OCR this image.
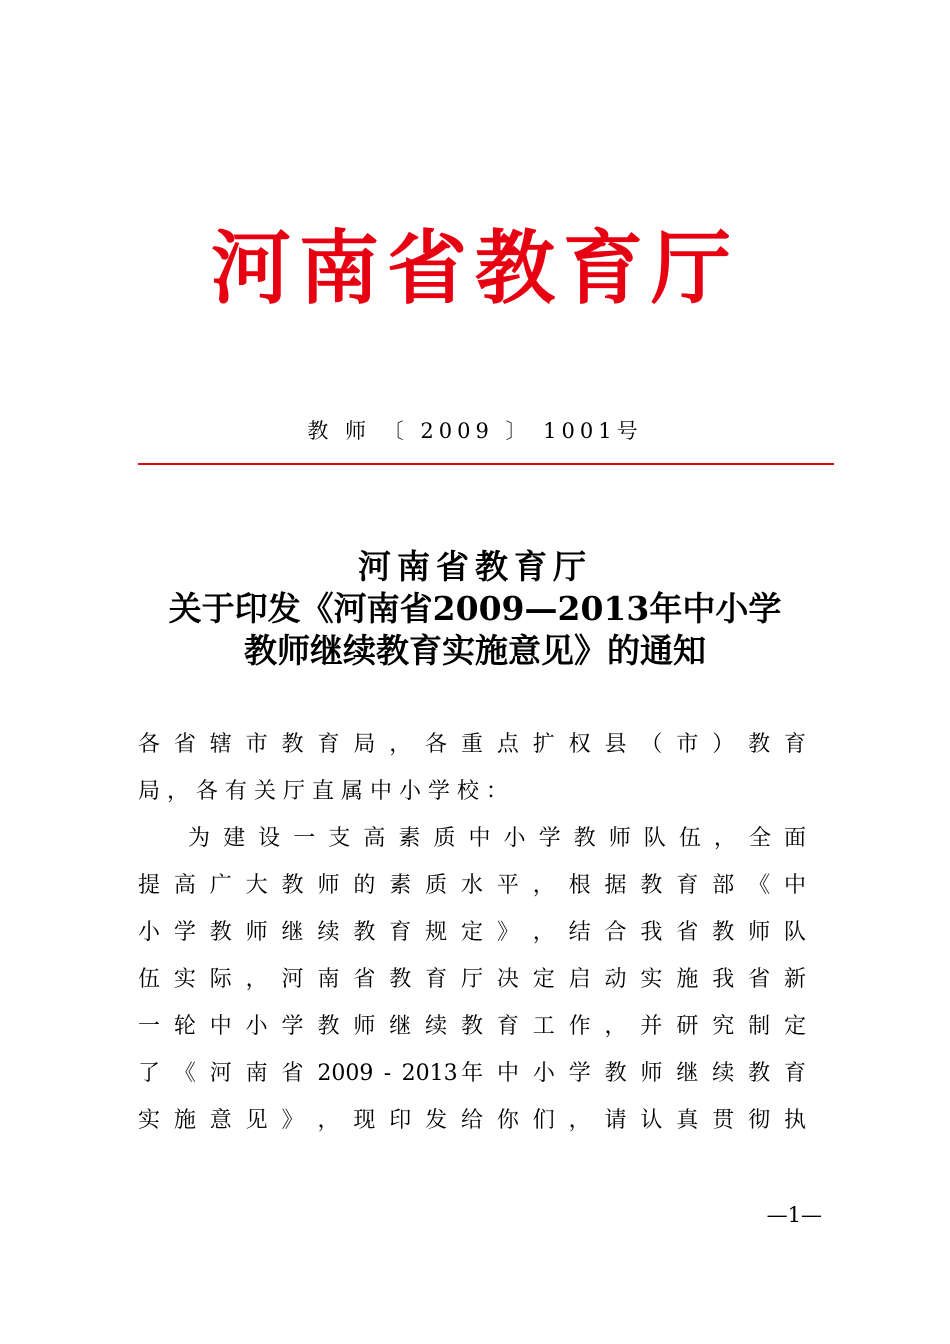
河南省教育厅
教 师 〔 2009 〕 1001号
河南省教育厅
关于印发《河南省2009—2013年中小学
教师继续教育实施意见》的通知
各 省 辖 市 教 育 局 ， 各 重 点 扩 权 县 （ 市 ） 教 育
局 ， 各 有 关 厅 直 属 中 小 学 校 ：
　　为 建 设 一 支 高 素 质 中 小 学 教 师 队 伍 ， 全 面
提 高 广 大 教 师 的 素 质 水 平 ， 根 据 教 育 部 《 中
小 学 教 师 继 续 教 育 规 定 》 ， 结 合 我 省 教 师 队
伍 实 际 ， 河 南 省 教 育 厅 决 定 启 动 实 施 我 省 新
一 轮 中 小 学 教 师 继 续 教 育 工 作 ， 并 研 究 制 定
了 《 河 南 省 2009 - 2013年 中 小 学 教 师 继 续 教 育
实 施 意 见 》 ， 现 印 发 给 你 们 ， 请 认 真 贯 彻 执
—1—
